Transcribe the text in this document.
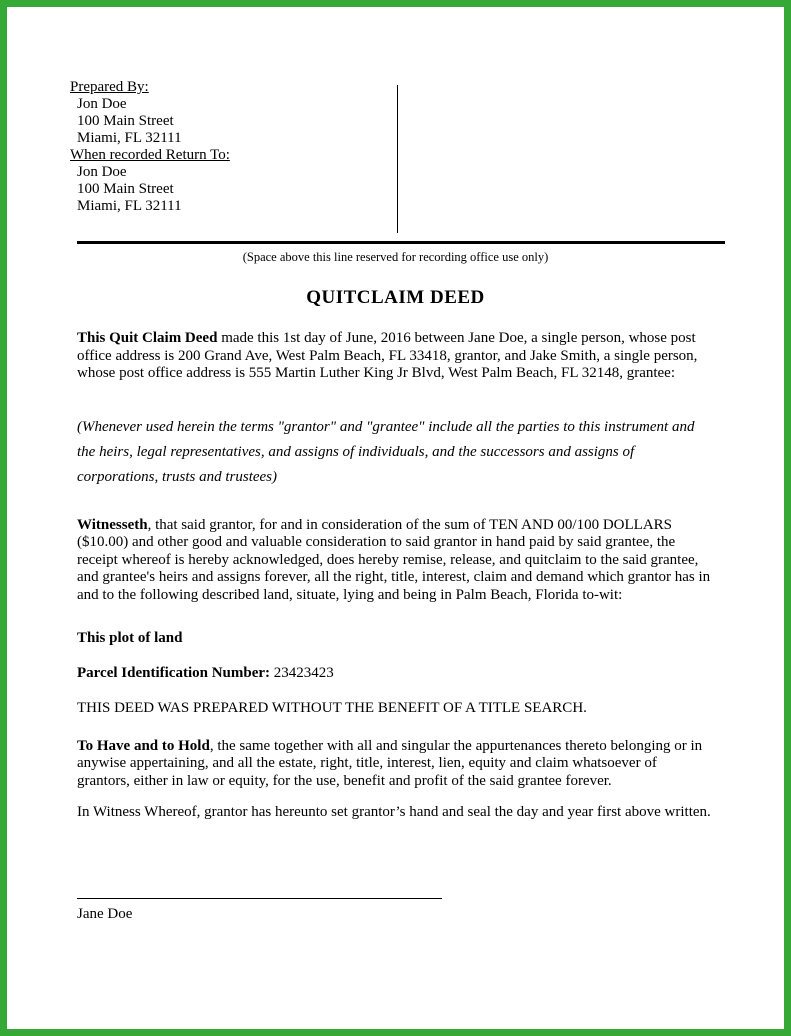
Prepared By:
Jon Doe
100 Main Street
Miami, FL 32111
When recorded Return To:
Jon Doe
100 Main Street
Miami, FL 32111
(Space above this line reserved for recording office use only)
QUITCLAIM DEED

This Quit Claim Deed made this 1st day of June, 2016 between Jane Doe, a single person, whose post office address is 200 Grand Ave, West Palm Beach, FL 33418, grantor, and Jake Smith, a single person, whose post office address is 555 Martin Luther King Jr Blvd, West Palm Beach, FL 32148, grantee:

(Whenever used herein the terms "grantor" and "grantee" include all the parties to this instrument and the heirs, legal representatives, and assigns of individuals, and the successors and assigns of corporations, trusts and trustees)

Witnesseth, that said grantor, for and in consideration of the sum of TEN AND 00/100 DOLLARS ($10.00) and other good and valuable consideration to said grantor in hand paid by said grantee, the receipt whereof is hereby acknowledged, does hereby remise, release, and quitclaim to the said grantee, and grantee's heirs and assigns forever, all the right, title, interest, claim and demand which grantor has in and to the following described land, situate, lying and being in Palm Beach, Florida to-wit:

This plot of land

Parcel Identification Number: 23423423

THIS DEED WAS PREPARED WITHOUT THE BENEFIT OF A TITLE SEARCH.

To Have and to Hold, the same together with all and singular the appurtenances thereto belonging or in anywise appertaining, and all the estate, right, title, interest, lien, equity and claim whatsoever of grantors, either in law or equity, for the use, benefit and profit of the said grantee forever.

In Witness Whereof, grantor has hereunto set grantor’s hand and seal the day and year first above written.

Jane Doe
